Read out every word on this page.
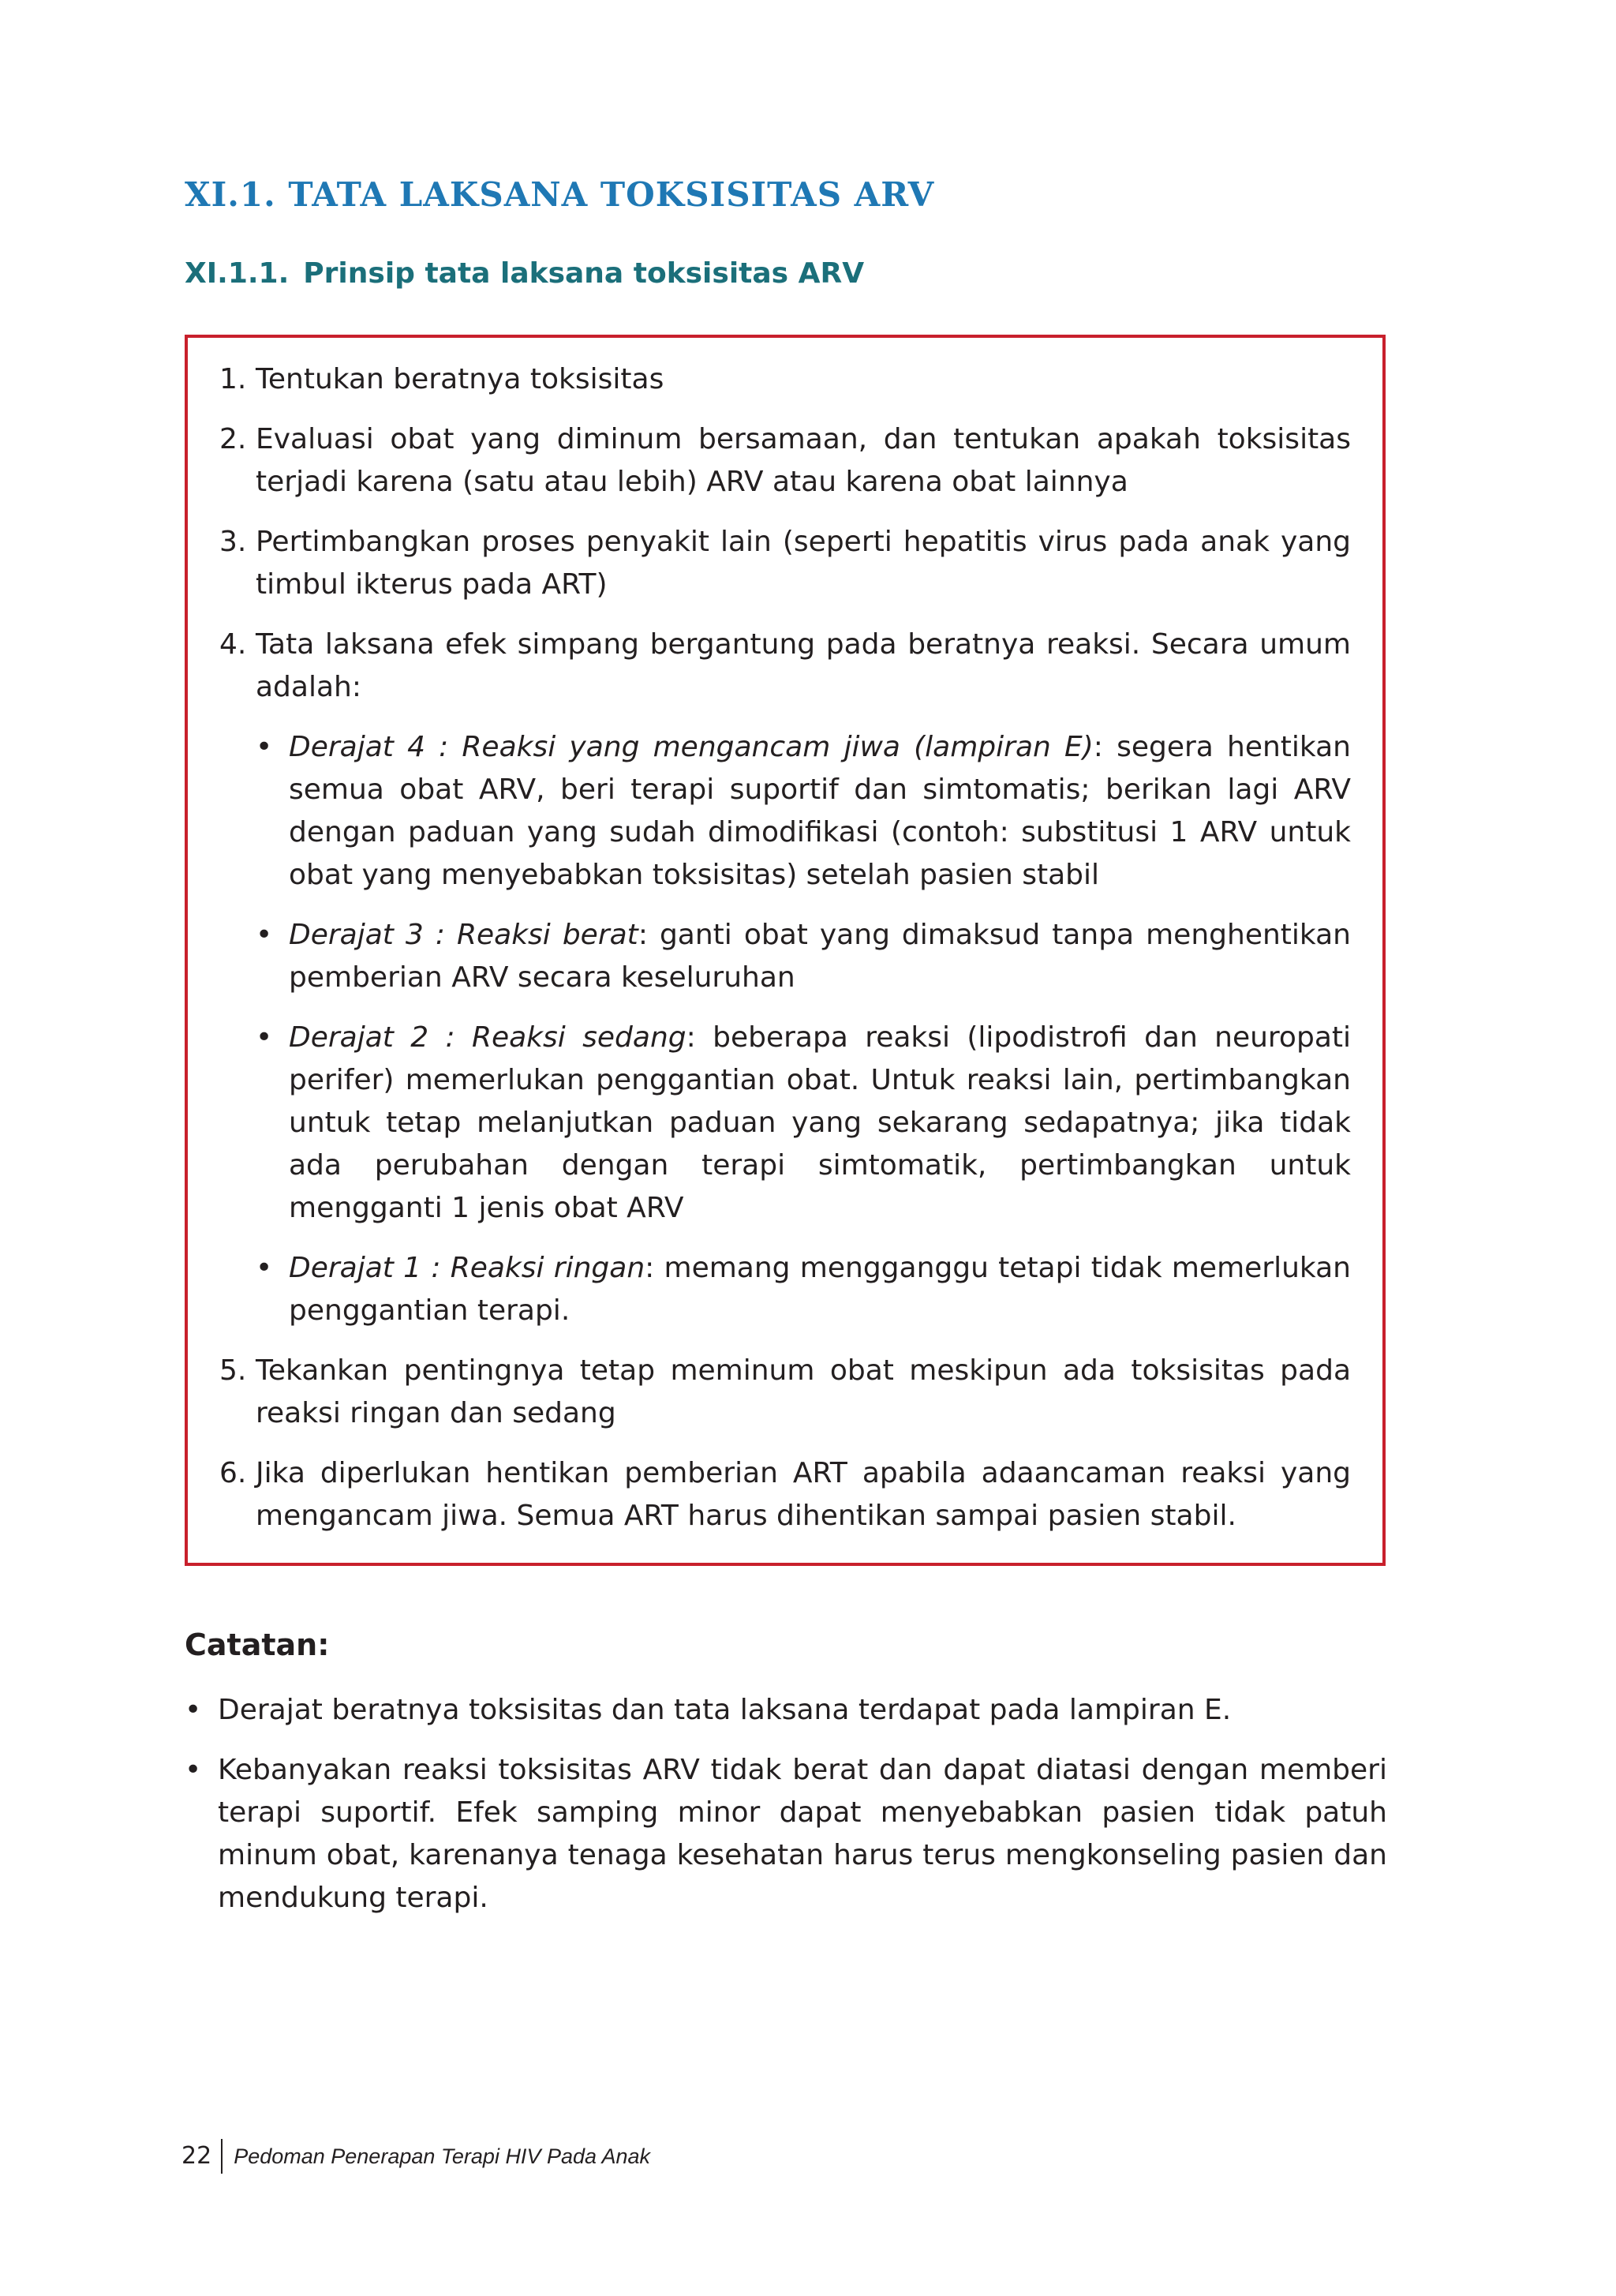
XI.1. TATA LAKSANA TOKSISITAS ARV
XI.1.1. Prinsip tata laksana toksisitas ARV
1. Tentukan beratnya toksisitas
2. Evaluasi obat yang diminum bersamaan, dan tentukan apakah toksisitas terjadi karena (satu atau lebih) ARV atau karena obat lainnya
3. Pertimbangkan proses penyakit lain (seperti hepatitis virus pada anak yang timbul ikterus pada ART)
4. Tata laksana efek simpang bergantung pada beratnya reaksi. Secara umum adalah:
• Derajat 4 : Reaksi yang mengancam jiwa (lampiran E): segera hentikan semua obat ARV, beri terapi suportif dan simtomatis; berikan lagi ARV dengan paduan yang sudah dimodifikasi (contoh: substitusi 1 ARV untuk obat yang menyebabkan toksisitas) setelah pasien stabil
• Derajat 3 : Reaksi berat: ganti obat yang dimaksud tanpa menghentikan pemberian ARV secara keseluruhan
• Derajat 2 : Reaksi sedang: beberapa reaksi (lipodistrofi dan neuropati perifer) memerlukan penggantian obat. Untuk reaksi lain, pertimbangkan untuk tetap melanjutkan paduan yang sekarang sedapatnya; jika tidak ada perubahan dengan terapi simtomatik, pertimbangkan untuk mengganti 1 jenis obat ARV
• Derajat 1 : Reaksi ringan: memang mengganggu tetapi tidak memerlukan penggantian terapi.
5. Tekankan pentingnya tetap meminum obat meskipun ada toksisitas pada reaksi ringan dan sedang
6. Jika diperlukan hentikan pemberian ART apabila adaancaman reaksi yang mengancam jiwa. Semua ART harus dihentikan sampai pasien stabil.
Catatan:
• Derajat beratnya toksisitas dan tata laksana terdapat pada lampiran E.
• Kebanyakan reaksi toksisitas ARV tidak berat dan dapat diatasi dengan memberi terapi suportif. Efek samping minor dapat menyebabkan pasien tidak patuh minum obat, karenanya tenaga kesehatan harus terus mengkonseling pasien dan mendukung terapi.
22	Pedoman Penerapan Terapi HIV Pada Anak
